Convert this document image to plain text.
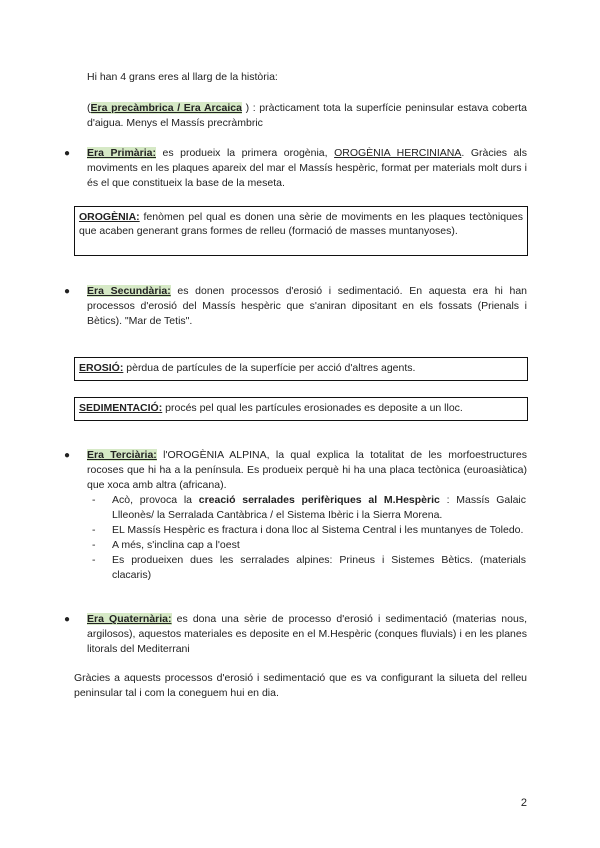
Hi han 4 grans eres al llarg de la història:
(Era precàmbrica / Era Arcaica ) : pràcticament tota la superfície peninsular estava coberta d'aigua. Menys el Massís precràmbric
● Era Primària: es produeix la primera orogènia, OROGÈNIA HERCINIANA. Gràcies als moviments en les plaques apareix del mar el Massís hespèric, format per materials molt durs i és el que constitueix la base de la meseta.
OROGÈNIA: fenòmen pel qual es donen una sèrie de moviments en les plaques tectòniques que acaben generant grans formes de relleu (formació de masses muntanyoses).
● Era Secundària: es donen processos d'erosió i sedimentació. En aquesta era hi han processos d'erosió del Massís hespèric que s'aniran dipositant en els fossats (Prienals i Bètics). "Mar de Tetis".
EROSIÓ: pèrdua de partícules de la superfície per acció d'altres agents.
SEDIMENTACIÓ: procés pel qual les partícules erosionades es deposite a un lloc.
● Era Terciària: l'OROGÈNIA ALPINA, la qual explica la totalitat de les morfoestructures rocoses que hi ha a la península. Es produeix perquè hi ha una placa tectònica (euroasiàtica) que xoca amb altra (africana).
- Acò, provoca la creació serralades perifèriques al M.Hespèric : Massís Galaic Llleonès/ la Serralada Cantàbrica / el Sistema Ibèric i la Sierra Morena.
- EL Massís Hespèric es fractura i dona lloc al Sistema Central i les muntanyes de Toledo.
- A més, s'inclina cap a l'oest
- Es produeixen dues les serralades alpines: Prineus i Sistemes Bètics. (materials clacaris)
● Era Quaternària: es dona una sèrie de processo d'erosió i sedimentació (materias nous, argilosos), aquestos materiales es deposite en el M.Hespèric (conques fluvials) i en les planes litorals del Mediterrani
Gràcies a aquests processos d'erosió i sedimentació que es va configurant la silueta del relleu peninsular tal i com la coneguem hui en dia.
2
